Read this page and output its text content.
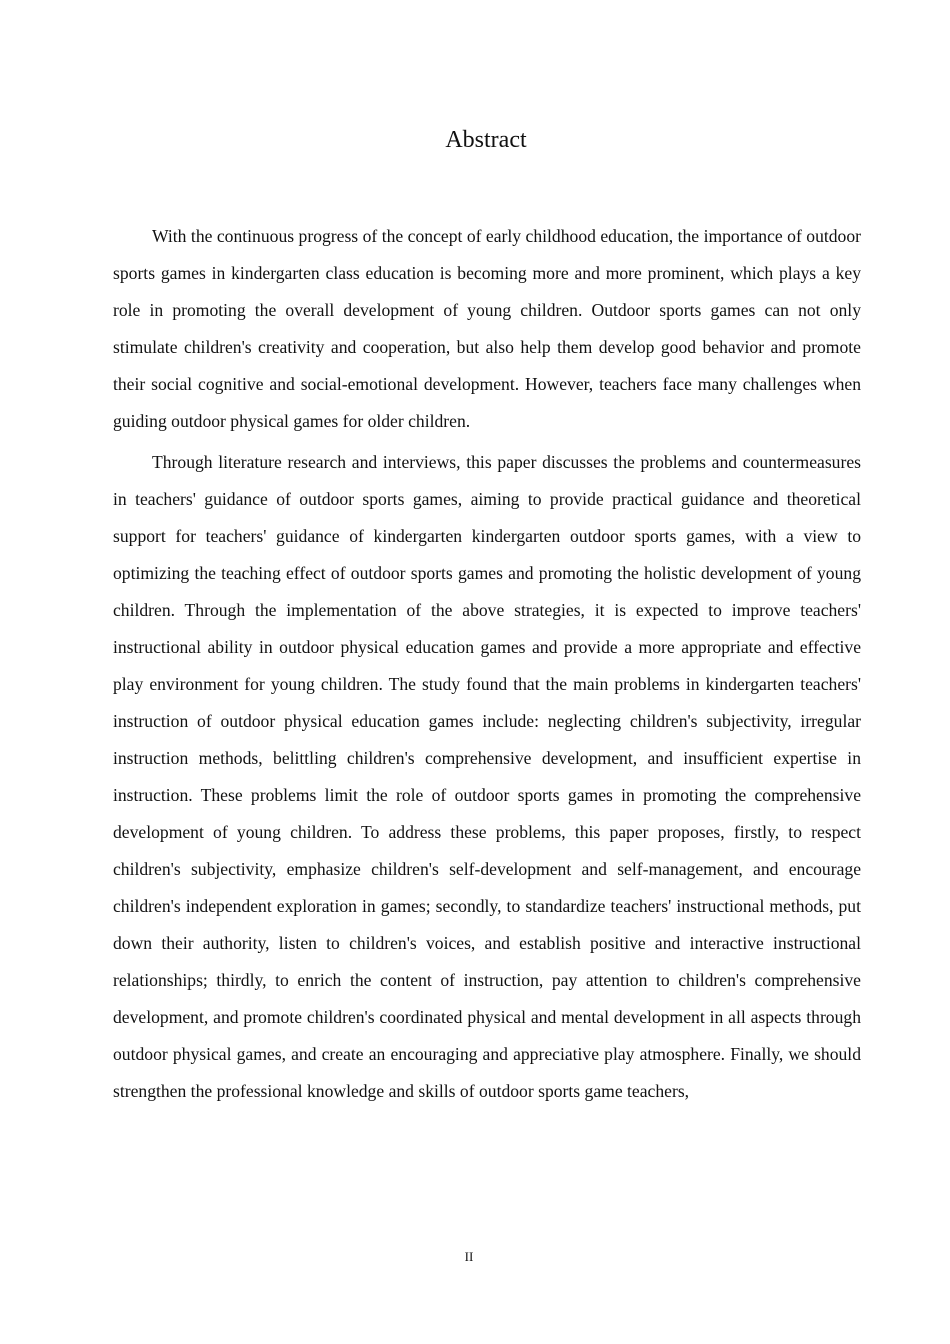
Abstract

With the continuous progress of the concept of early childhood education, the importance of outdoor sports games in kindergarten class education is becoming more and more prominent, which plays a key role in promoting the overall development of young children. Outdoor sports games can not only stimulate children's creativity and cooperation, but also help them develop good behavior and promote their social cognitive and social-emotional development. However, teachers face many challenges when guiding outdoor physical games for older children.

Through literature research and interviews, this paper discusses the problems and countermeasures in teachers' guidance of outdoor sports games, aiming to provide practical guidance and theoretical support for teachers' guidance of kindergarten kindergarten outdoor sports games, with a view to optimizing the teaching effect of outdoor sports games and promoting the holistic development of young children. Through the implementation of the above strategies, it is expected to improve teachers' instructional ability in outdoor physical education games and provide a more appropriate and effective play environment for young children. The study found that the main problems in kindergarten teachers' instruction of outdoor physical education games include: neglecting children's subjectivity, irregular instruction methods, belittling children's comprehensive development, and insufficient expertise in instruction. These problems limit the role of outdoor sports games in promoting the comprehensive development of young children. To address these problems, this paper proposes, firstly, to respect children's subjectivity, emphasize children's self-development and self-management, and encourage children's independent exploration in games; secondly, to standardize teachers' instructional methods, put down their authority, listen to children's voices, and establish positive and interactive instructional relationships; thirdly, to enrich the content of instruction, pay attention to children's comprehensive development, and promote children's coordinated physical and mental development in all aspects through outdoor physical games, and create an encouraging and appreciative play atmosphere. Finally, we should strengthen the professional knowledge and skills of outdoor sports game teachers,

II
